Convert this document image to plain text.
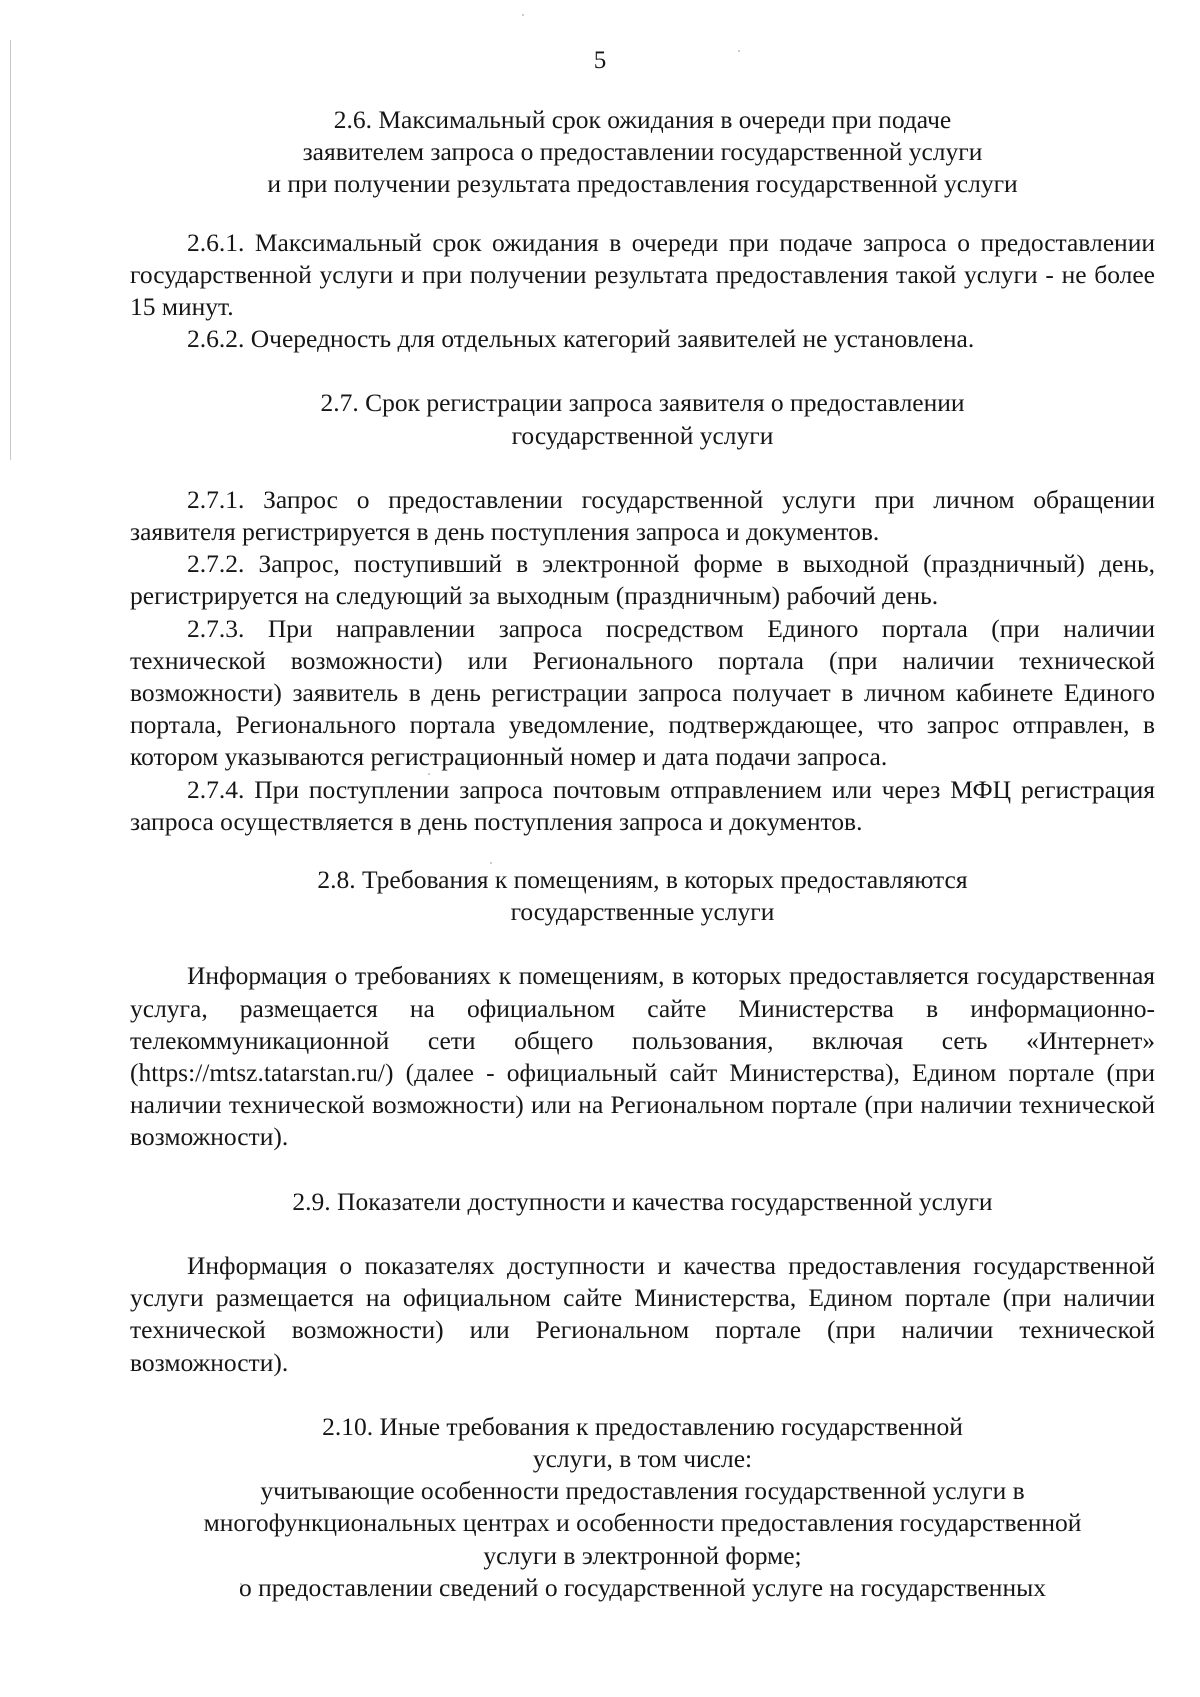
5
2.6. Максимальный срок ожидания в очереди при подаче
заявителем запроса о предоставлении государственной услуги
и при получении результата предоставления государственной услуги

2.6.1. Максимальный срок ожидания в очереди при подаче запроса о предоставлении государственной услуги и при получении результата предоставления такой услуги - не более 15 минут.

2.6.2. Очередность для отдельных категорий заявителей не установлена.

2.7. Срок регистрации запроса заявителя о предоставлении
государственной услуги

2.7.1. Запрос о предоставлении государственной услуги при личном обращении заявителя регистрируется в день поступления запроса и документов.

2.7.2. Запрос, поступивший в электронной форме в выходной (праздничный) день, регистрируется на следующий за выходным (праздничным) рабочий день.

2.7.3. При направлении запроса посредством Единого портала (при наличии технической возможности) или Регионального портала (при наличии технической возможности) заявитель в день регистрации запроса получает в личном кабинете Единого портала, Регионального портала уведомление, подтверждающее, что запрос отправлен, в котором указываются регистрационный номер и дата подачи запроса.

2.7.4. При поступлении запроса почтовым отправлением или через МФЦ регистрация запроса осуществляется в день поступления запроса и документов.

2.8. Требования к помещениям, в которых предоставляются
государственные услуги

Информация о требованиях к помещениям, в которых предоставляется государственная услуга, размещается на официальном сайте Министерства в информационно-телекоммуникационной сети общего пользования, включая сеть «Интернет» (https://mtsz.tatarstan.ru/) (далее - официальный сайт Министерства), Едином портале (при наличии технической возможности) или на Региональном портале (при наличии технической возможности).

2.9. Показатели доступности и качества государственной услуги

Информация о показателях доступности и качества предоставления государственной услуги размещается на официальном сайте Министерства, Едином портале (при наличии технической возможности) или Региональном портале (при наличии технической возможности).

2.10. Иные требования к предоставлению государственной
услуги, в том числе:
учитывающие особенности предоставления государственной услуги в
многофункциональных центрах и особенности предоставления государственной
услуги в электронной форме;
о предоставлении сведений о государственной услуге на государственных
